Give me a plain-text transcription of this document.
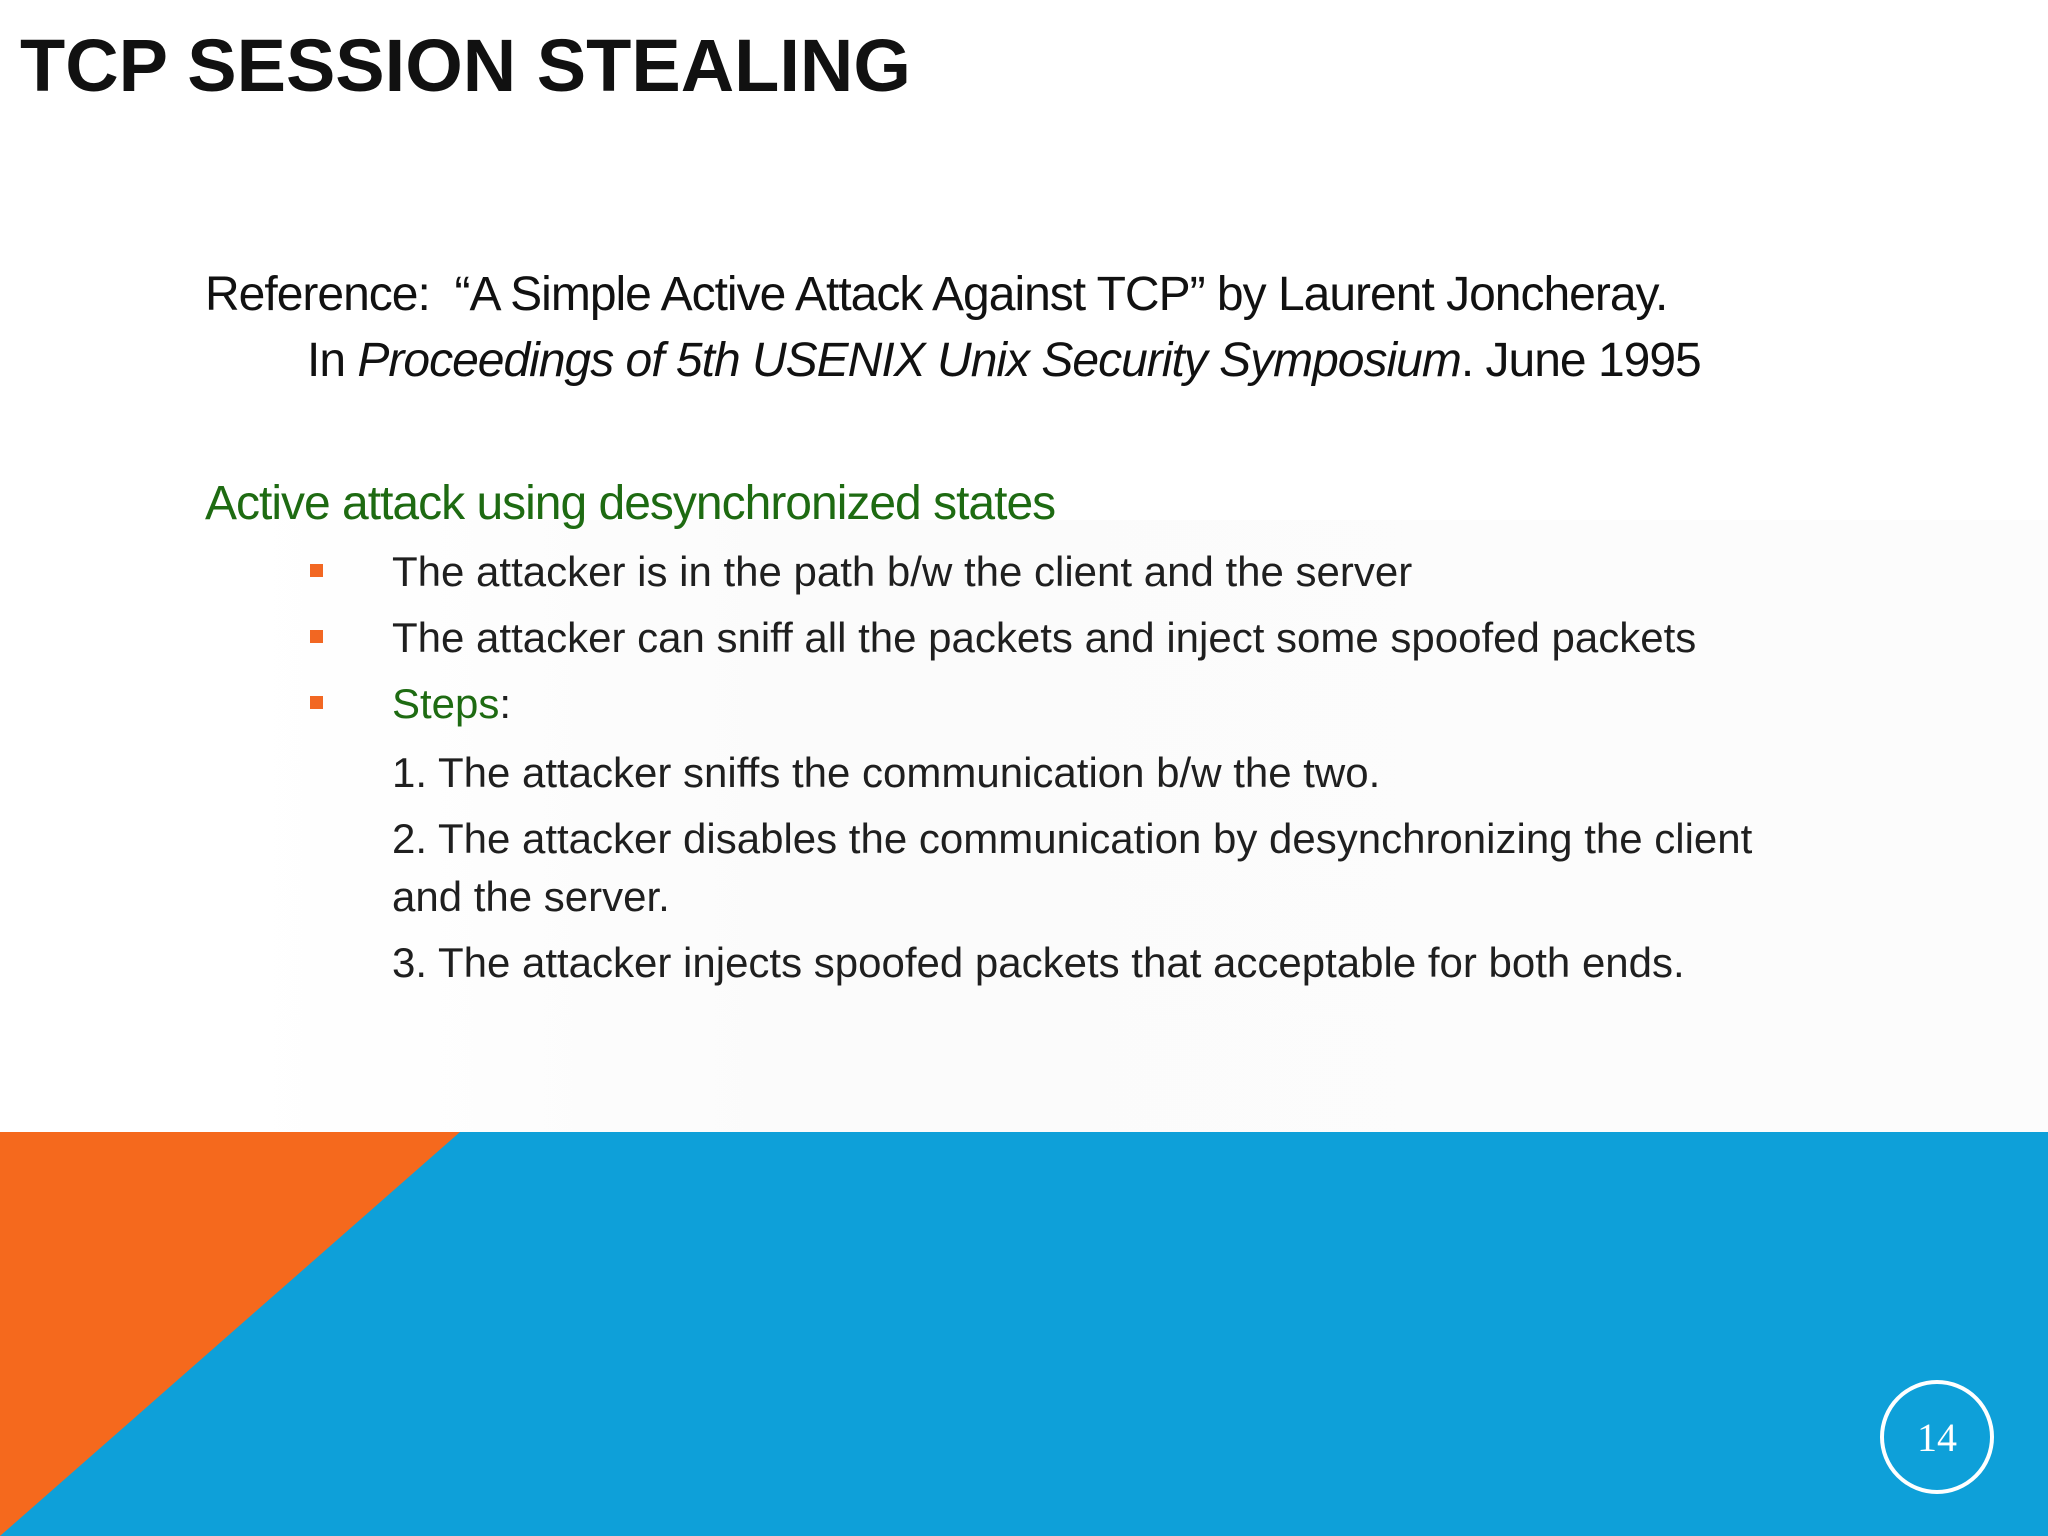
TCP SESSION STEALING
Reference: “A Simple Active Attack Against TCP” by Laurent Joncheray.
In Proceedings of 5th USENIX Unix Security Symposium. June 1995
Active attack using desynchronized states
The attacker is in the path b/w the client and the server
The attacker can sniff all the packets and inject some spoofed packets
Steps:
1. The attacker sniffs the communication b/w the two.
2. The attacker disables the communication by desynchronizing the client and the server.
3. The attacker injects spoofed packets that acceptable for both ends.
14
